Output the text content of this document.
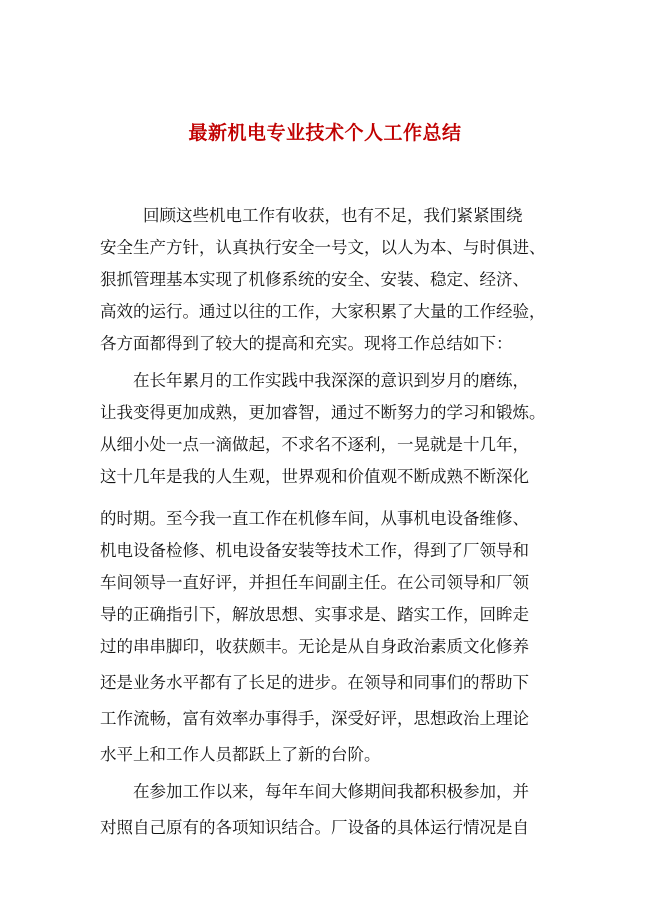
最新机电专业技术个人工作总结
回顾这些机电工作有收获，也有不足，我们紧紧围绕
安全生产方针，认真执行安全一号文，以人为本、与时俱进、
狠抓管理基本实现了机修系统的安全、安装、稳定、经济、
高效的运行。通过以往的工作，大家积累了大量的工作经验，
各方面都得到了较大的提高和充实。现将工作总结如下：
在长年累月的工作实践中我深深的意识到岁月的磨练，
让我变得更加成熟，更加睿智，通过不断努力的学习和锻炼。
从细小处一点一滴做起，不求名不逐利，一晃就是十几年，
这十几年是我的人生观，世界观和价值观不断成熟不断深化
的时期。至今我一直工作在机修车间，从事机电设备维修、
机电设备检修、机电设备安装等技术工作，得到了厂领导和
车间领导一直好评，并担任车间副主任。在公司领导和厂领
导的正确指引下，解放思想、实事求是、踏实工作，回眸走
过的串串脚印，收获颇丰。无论是从自身政治素质文化修养
还是业务水平都有了长足的进步。在领导和同事们的帮助下
工作流畅，富有效率办事得手，深受好评，思想政治上理论
水平上和工作人员都跃上了新的台阶。
在参加工作以来，每年车间大修期间我都积极参加，并
对照自己原有的各项知识结合。厂设备的具体运行情况是自
